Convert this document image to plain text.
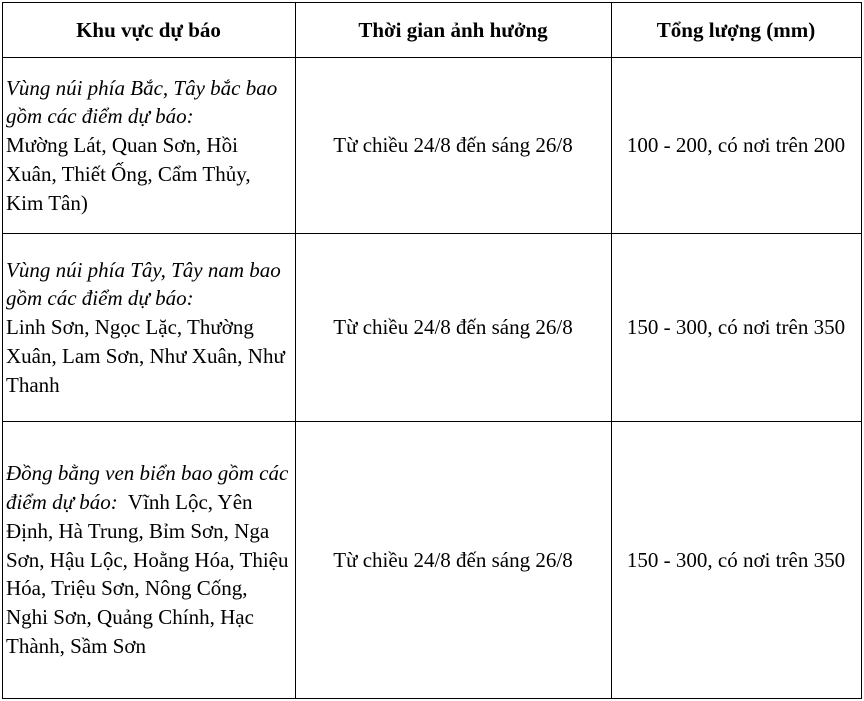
Khu vực dự báo	Thời gian ảnh hưởng	Tổng lượng (mm)
Vùng núi phía Bắc, Tây bắc bao gồm các điểm dự báo:
Mường Lát, Quan Sơn, Hồi Xuân, Thiết Ống, Cẩm Thủy, Kim Tân)	Từ chiều 24/8 đến sáng 26/8	100 - 200, có nơi trên 200
Vùng núi phía Tây, Tây nam bao gồm các điểm dự báo:
Linh Sơn, Ngọc Lặc, Thường Xuân, Lam Sơn, Như Xuân, Như Thanh	Từ chiều 24/8 đến sáng 26/8	150 - 300, có nơi trên 350
Đồng bằng ven biển bao gồm các điểm dự báo: Vĩnh Lộc, Yên Định, Hà Trung, Bỉm Sơn, Nga Sơn, Hậu Lộc, Hoằng Hóa, Thiệu Hóa, Triệu Sơn, Nông Cống, Nghi Sơn, Quảng Chính, Hạc Thành, Sầm Sơn	Từ chiều 24/8 đến sáng 26/8	150 - 300, có nơi trên 350
